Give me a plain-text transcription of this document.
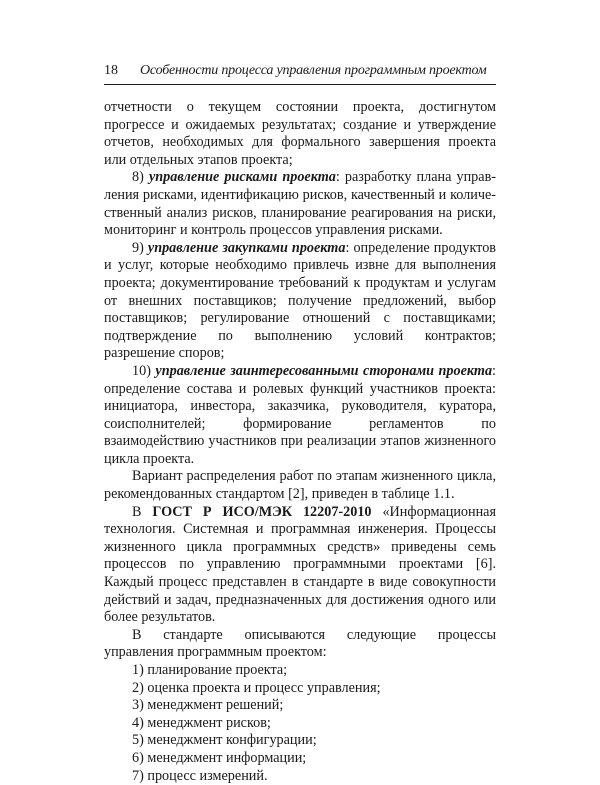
18 Особенности процесса управления программным проектом

отчетности о текущем состоянии проекта, достигнутом прогрессе и ожидаемых результатах; создание и утверждение отчетов, необходимых для формального завершения проекта или отдельных этапов проекта;

8) управление рисками проекта: разработку плана управления рисками, идентификацию рисков, качественный и количественный анализ рисков, планирование реагирования на риски, мониторинг и контроль процессов управления рисками.

9) управление закупками проекта: определение продуктов и услуг, которые необходимо привлечь извне для выполнения проекта; документирование требований к продуктам и услугам от внешних поставщиков; получение предложений, выбор поставщиков; регулирование отношений с поставщиками; подтверждение по выполнению условий контрактов; разрешение споров;

10) управление заинтересованными сторонами проекта: определение состава и ролевых функций участников проекта: инициатора, инвестора, заказчика, руководителя, куратора, соисполнителей; формирование регламентов по взаимодействию участников при реализации этапов жизненного цикла проекта.

Вариант распределения работ по этапам жизненного цикла, рекомендованных стандартом [2], приведен в таблице 1.1.

В ГОСТ Р ИСО/МЭК 12207-2010 «Информационная технология. Системная и программная инженерия. Процессы жизненного цикла программных средств» приведены семь процессов по управлению программными проектами [6]. Каждый процесс представлен в стандарте в виде совокупности действий и задач, предназначенных для достижения одного или более результатов.

В стандарте описываются следующие процессы управления программным проектом:

1) планирование проекта;
2) оценка проекта и процесс управления;
3) менеджмент решений;
4) менеджмент рисков;
5) менеджмент конфигурации;
6) менеджмент информации;
7) процесс измерений.
